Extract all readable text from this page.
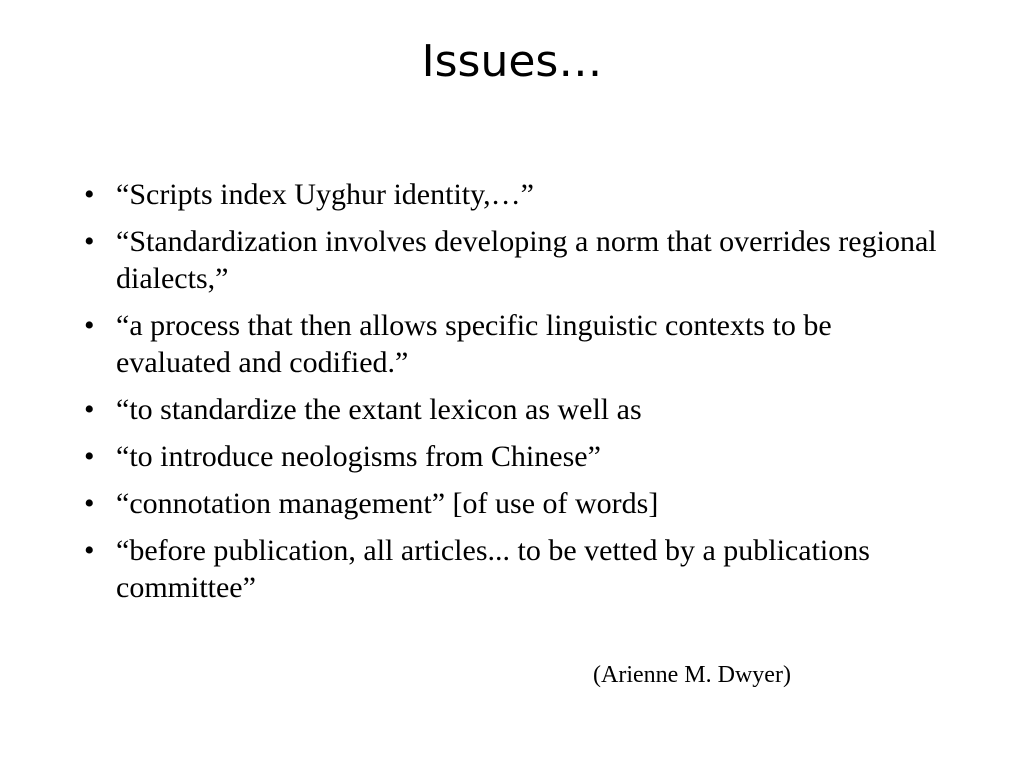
Issues…
• “Scripts index Uyghur identity,…”
• “Standardization involves developing a norm that overrides regional dialects,”
• “a process that then allows specific linguistic contexts to be evaluated and codified.”
• “to standardize the extant lexicon as well as
• “to introduce neologisms from Chinese”
• “connotation management” [of use of words]
• “before publication, all articles... to be vetted by a publications committee”

(Arienne M. Dwyer)
